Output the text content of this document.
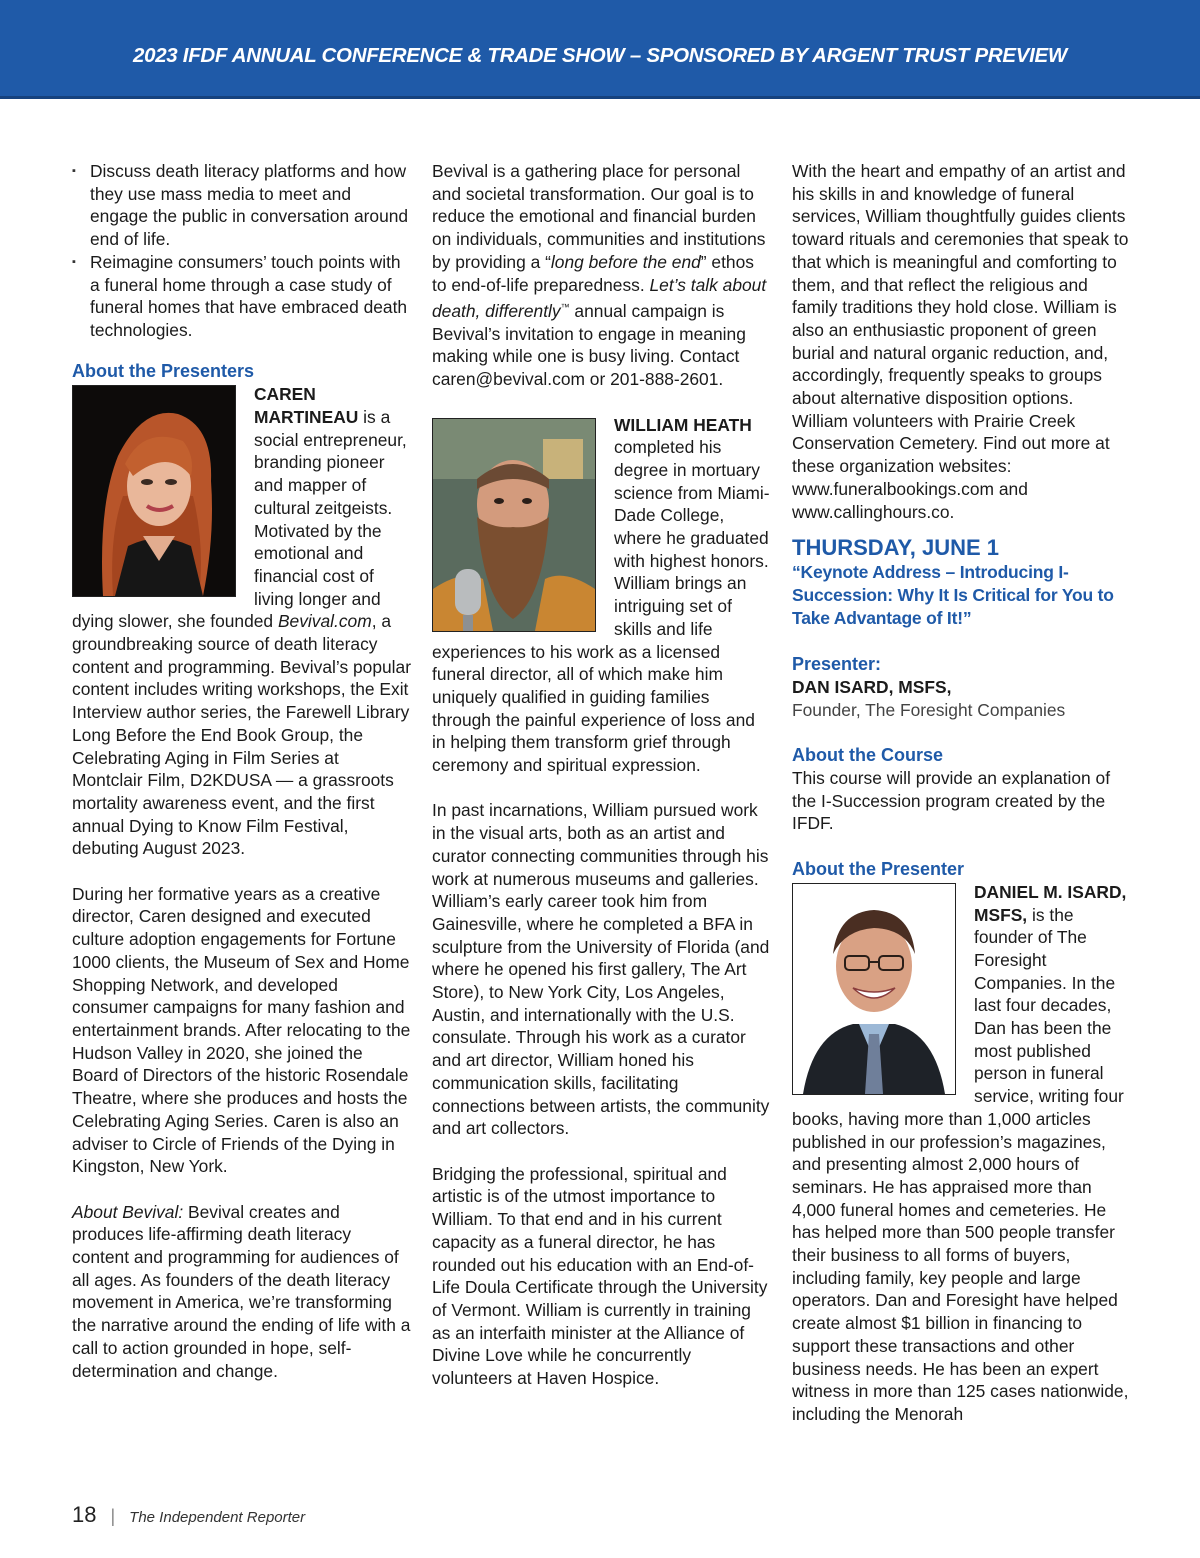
2023 IFDF ANNUAL CONFERENCE & TRADE SHOW – SPONSORED BY ARGENT TRUST PREVIEW
▪ Discuss death literacy platforms and how they use mass media to meet and engage the public in conversation around end of life.
▪ Reimagine consumers’ touch points with a funeral home through a case study of funeral homes that have embraced death technologies.
About the Presenters

CAREN MARTINEAU is a social entrepreneur, branding pioneer and mapper of cultural zeitgeists. Motivated by the emotional and financial cost of living longer and dying slower, she founded Bevival.com, a groundbreaking source of death literacy content and programming. Bevival’s popular content includes writing workshops, the Exit Interview author series, the Farewell Library Long Before the End Book Group, the Celebrating Aging in Film Series at Montclair Film, D2KDUSA — a grassroots mortality awareness event, and the first annual Dying to Know Film Festival, debuting August 2023.

During her formative years as a creative director, Caren designed and executed culture adoption engagements for Fortune 1000 clients, the Museum of Sex and Home Shopping Network, and developed consumer campaigns for many fashion and entertainment brands. After relocating to the Hudson Valley in 2020, she joined the Board of Directors of the historic Rosendale Theatre, where she produces and hosts the Celebrating Aging Series. Caren is also an adviser to Circle of Friends of the Dying in Kingston, New York.

About Bevival: Bevival creates and produces life-affirming death literacy content and programming for audiences of all ages. As founders of the death literacy movement in America, we’re transforming the narrative around the ending of life with a call to action grounded in hope, self-determination and change.

Bevival is a gathering place for personal and societal transformation. Our goal is to reduce the emotional and financial burden on individuals, communities and institutions by providing a “long before the end” ethos to end-of-life preparedness. Let’s talk about death, differently™ annual campaign is Bevival’s invitation to engage in meaning making while one is busy living. Contact caren@bevival.com or 201-888-2601.

WILLIAM HEATH completed his degree in mortuary science from Miami-Dade College, where he graduated with highest honors. William brings an intriguing set of skills and life experiences to his work as a licensed funeral director, all of which make him uniquely qualified in guiding families through the painful experience of loss and in helping them transform grief through ceremony and spiritual expression.

In past incarnations, William pursued work in the visual arts, both as an artist and curator connecting communities through his work at numerous museums and galleries. William’s early career took him from Gainesville, where he completed a BFA in sculpture from the University of Florida (and where he opened his first gallery, The Art Store), to New York City, Los Angeles, Austin, and internationally with the U.S. consulate. Through his work as a curator and art director, William honed his communication skills, facilitating connections between artists, the community and art collectors.

Bridging the professional, spiritual and artistic is of the utmost importance to William. To that end and in his current capacity as a funeral director, he has rounded out his education with an End-of-Life Doula Certificate through the University of Vermont. William is currently in training as an interfaith minister at the Alliance of Divine Love while he concurrently volunteers at Haven Hospice.

With the heart and empathy of an artist and his skills in and knowledge of funeral services, William thoughtfully guides clients toward rituals and ceremonies that speak to that which is meaningful and comforting to them, and that reflect the religious and family traditions they hold close. William is also an enthusiastic proponent of green burial and natural organic reduction, and, accordingly, frequently speaks to groups about alternative disposition options. William volunteers with Prairie Creek Conservation Cemetery. Find out more at these organization websites: www.funeralbookings.com and www.callinghours.co.

THURSDAY, JUNE 1
“Keynote Address – Introducing I-Succession: Why It Is Critical for You to Take Advantage of It!”
Presenter:
DAN ISARD, MSFS,
Founder, The Foresight Companies
About the Course

This course will provide an explanation of the I-Succession program created by the IFDF.

About the Presenter

DANIEL M. ISARD, MSFS, is the founder of The Foresight Companies. In the last four decades, Dan has been the most published person in funeral service, writing four books, having more than 1,000 articles published in our profession’s magazines, and presenting almost 2,000 hours of seminars. He has appraised more than 4,000 funeral homes and cemeteries. He has helped more than 500 people transfer their business to all forms of buyers, including family, key people and large operators. Dan and Foresight have helped create almost $1 billion in financing to support these transactions and other business needs. He has been an expert witness in more than 125 cases nationwide, including the Menorah

18 | The Independent Reporter
